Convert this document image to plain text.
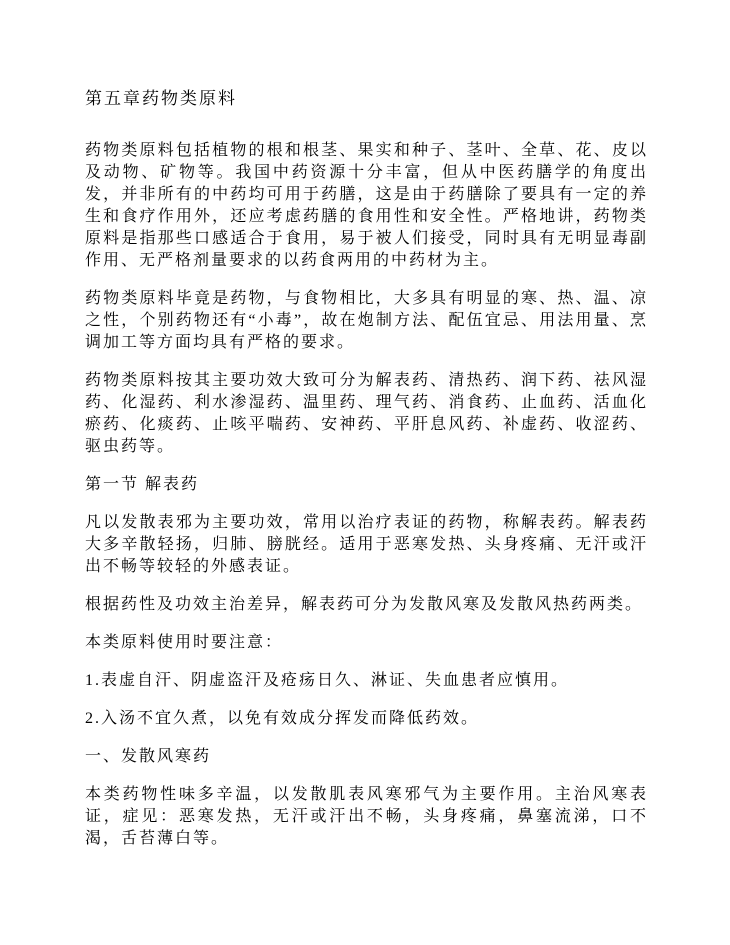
第五章药物类原料

药物类原料包括植物的根和根茎、果实和种子、茎叶、全草、花、皮以及动物、矿物等。我国中药资源十分丰富，但从中医药膳学的角度出发，并非所有的中药均可用于药膳，这是由于药膳除了要具有一定的养生和食疗作用外，还应考虑药膳的食用性和安全性。严格地讲，药物类原料是指那些口感适合于食用，易于被人们接受，同时具有无明显毒副作用、无严格剂量要求的以药食两用的中药材为主。

药物类原料毕竟是药物，与食物相比，大多具有明显的寒、热、温、凉之性，个别药物还有“小毒”，故在炮制方法、配伍宜忌、用法用量、烹调加工等方面均具有严格的要求。

药物类原料按其主要功效大致可分为解表药、清热药、润下药、祛风湿药、化湿药、利水渗湿药、温里药、理气药、消食药、止血药、活血化瘀药、化痰药、止咳平喘药、安神药、平肝息风药、补虚药、收涩药、驱虫药等。

第一节 解表药

凡以发散表邪为主要功效，常用以治疗表证的药物，称解表药。解表药大多辛散轻扬，归肺、膀胱经。适用于恶寒发热、头身疼痛、无汗或汗出不畅等较轻的外感表证。

根据药性及功效主治差异，解表药可分为发散风寒及发散风热药两类。

本类原料使用时要注意：

1.表虚自汗、阴虚盗汗及疮疡日久、淋证、失血患者应慎用。

2.入汤不宜久煮，以免有效成分挥发而降低药效。

一、发散风寒药

本类药物性味多辛温，以发散肌表风寒邪气为主要作用。主治风寒表证，症见：恶寒发热，无汗或汗出不畅，头身疼痛，鼻塞流涕，口不渴，舌苔薄白等。
